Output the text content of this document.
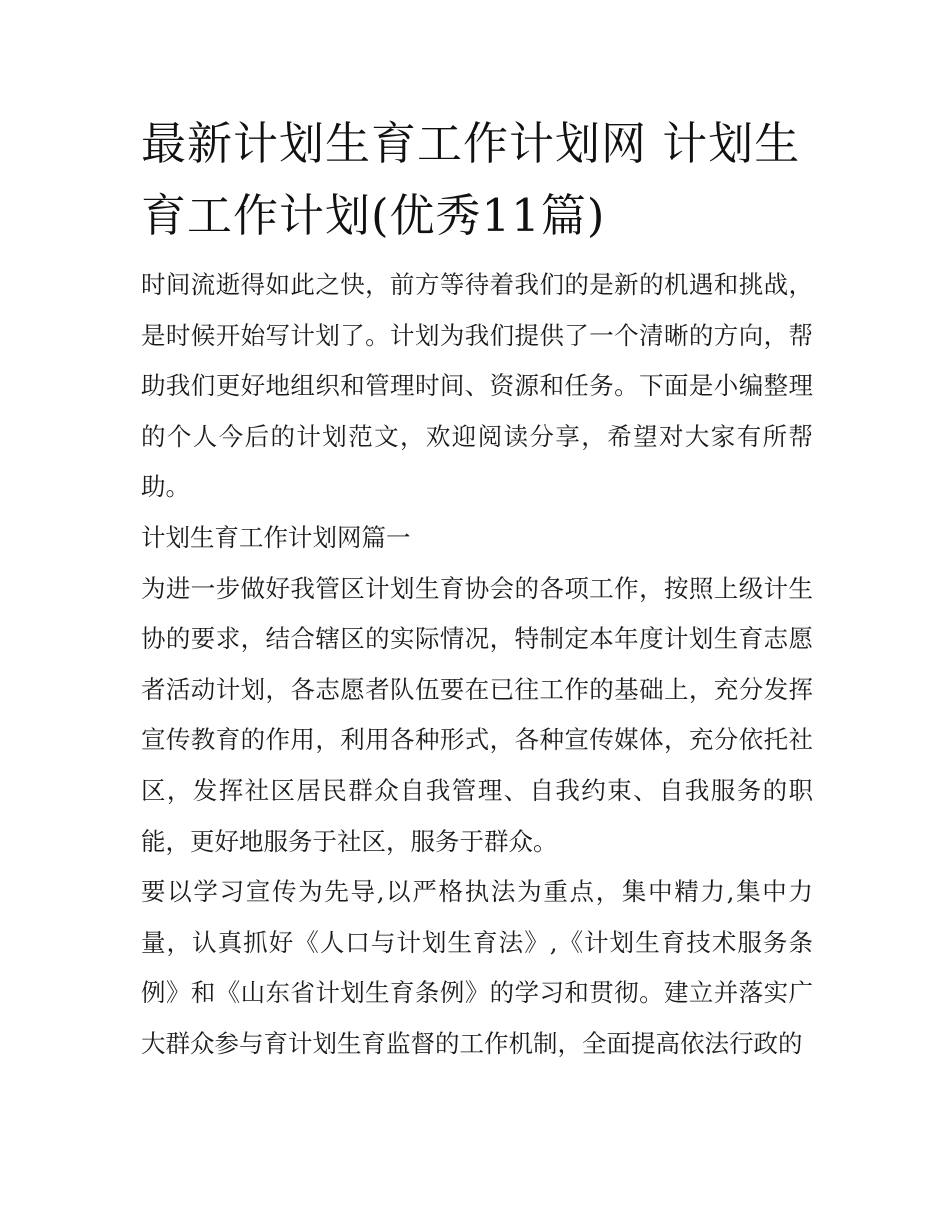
最新计划生育工作计划网 计划生育工作计划(优秀11篇)

时间流逝得如此之快，前方等待着我们的是新的机遇和挑战，是时候开始写计划了。计划为我们提供了一个清晰的方向，帮助我们更好地组织和管理时间、资源和任务。下面是小编整理的个人今后的计划范文，欢迎阅读分享，希望对大家有所帮助。

计划生育工作计划网篇一

为进一步做好我管区计划生育协会的各项工作，按照上级计生协的要求，结合辖区的实际情况，特制定本年度计划生育志愿者活动计划，各志愿者队伍要在已往工作的基础上，充分发挥宣传教育的作用，利用各种形式，各种宣传媒体，充分依托社区，发挥社区居民群众自我管理、自我约束、自我服务的职能，更好地服务于社区，服务于群众。

要以学习宣传为先导,以严格执法为重点，集中精力,集中力量，认真抓好《人口与计划生育法》,《计划生育技术服务条例》和《山东省计划生育条例》的学习和贯彻。建立并落实广大群众参与育计划生育监督的工作机制，全面提高依法行政的
